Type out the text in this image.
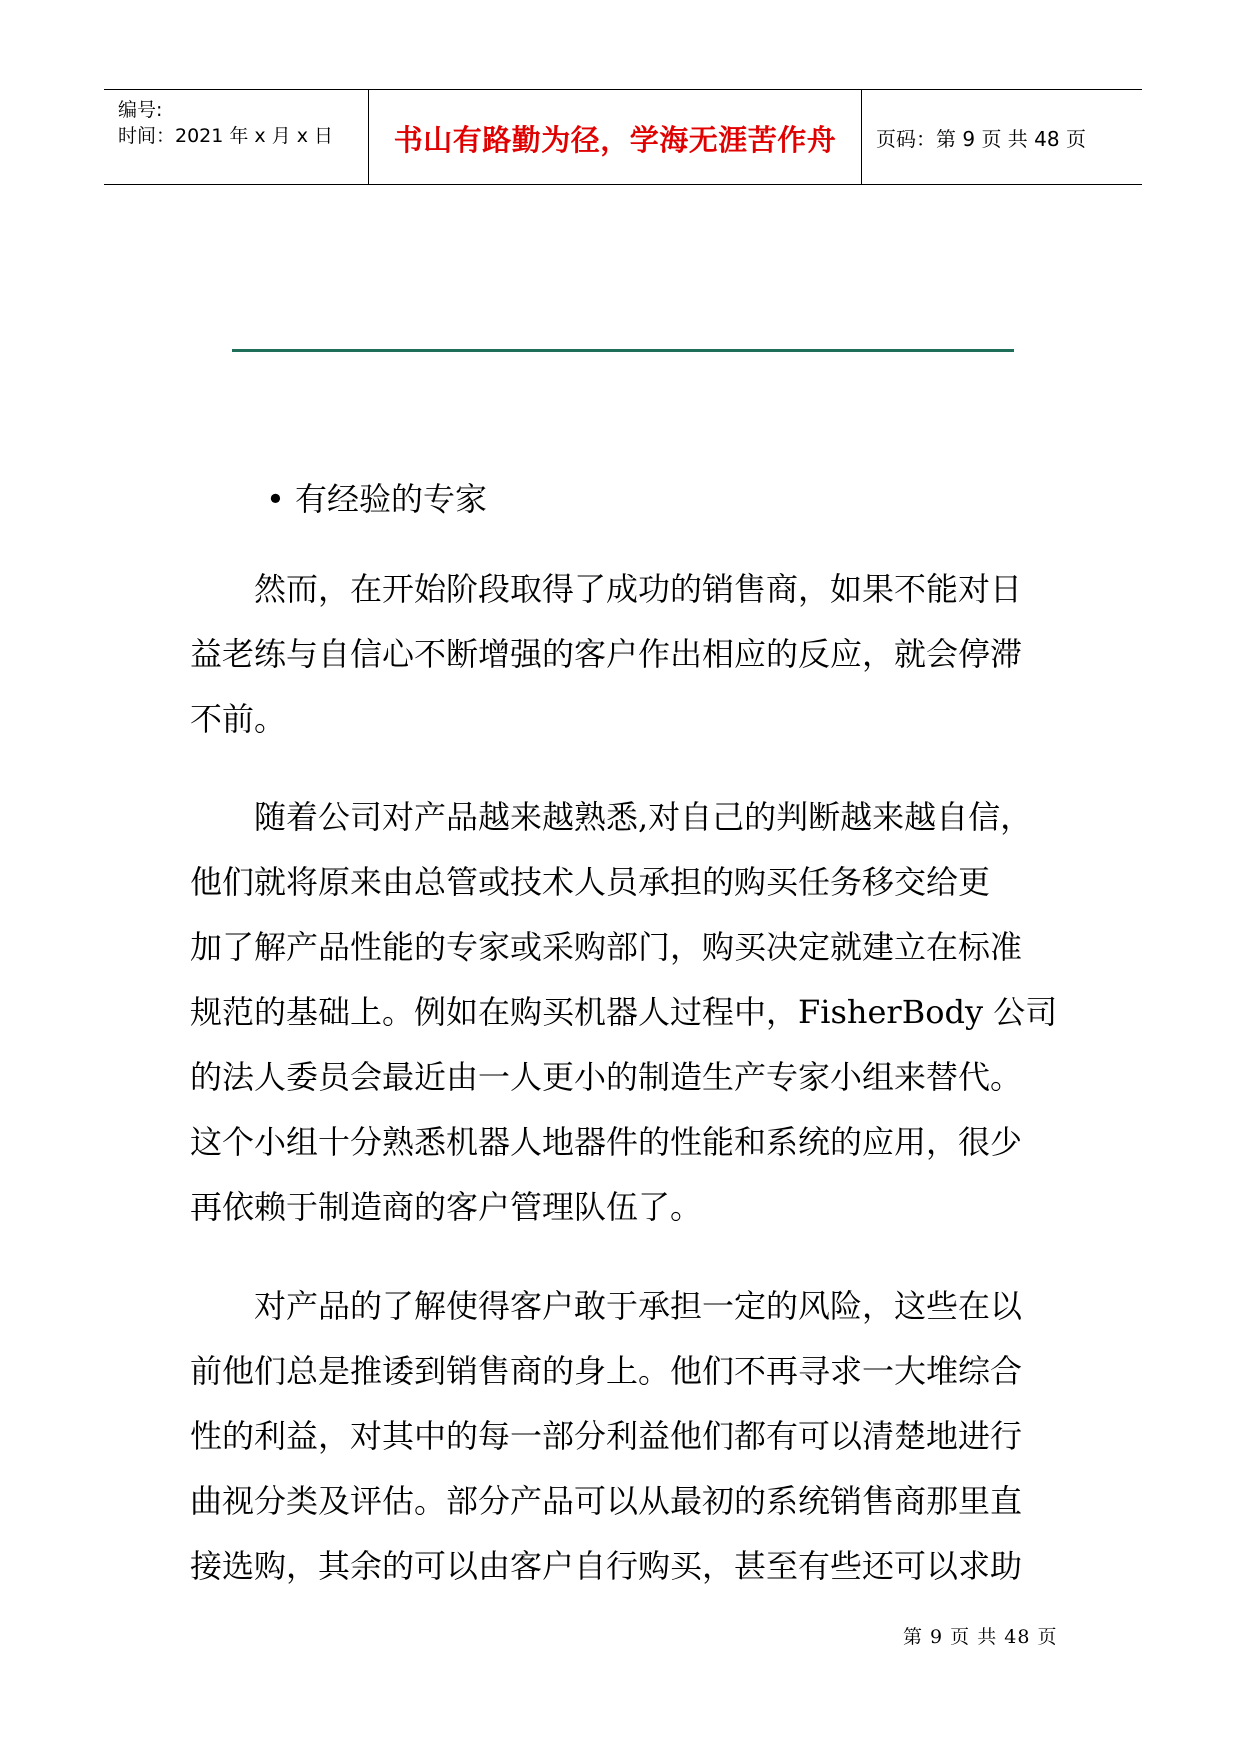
编号:
时间：2021 年 x 月 x 日	书山有路勤为径，学海无涯苦作舟	页码：第 9 页 共 48 页
• 有经验的专家
然而，在开始阶段取得了成功的销售商，如果不能对日
益老练与自信心不断增强的客户作出相应的反应，就会停滞
不前。
随着公司对产品越来越熟悉,对自己的判断越来越自信，
他们就将原来由总管或技术人员承担的购买任务移交给更
加了解产品性能的专家或采购部门，购买决定就建立在标准
规范的基础上。例如在购买机器人过程中，FisherBody 公司
的法人委员会最近由一人更小的制造生产专家小组来替代。
这个小组十分熟悉机器人地器件的性能和系统的应用，很少
再依赖于制造商的客户管理队伍了。
对产品的了解使得客户敢于承担一定的风险，这些在以
前他们总是推诿到销售商的身上。他们不再寻求一大堆综合
性的利益，对其中的每一部分利益他们都有可以清楚地进行
曲视分类及评估。部分产品可以从最初的系统销售商那里直
接选购，其余的可以由客户自行购买，甚至有些还可以求助
第 9 页 共 48 页
